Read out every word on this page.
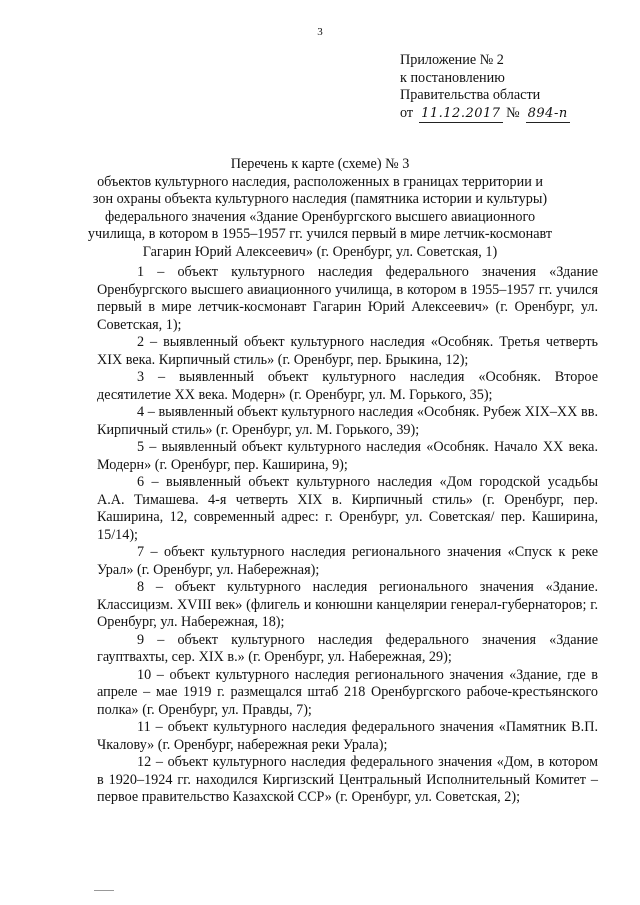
3
Приложение № 2
к постановлению
Правительства области
от 11.12.2017 № 894-п
Перечень к карте (схеме) № 3
объектов культурного наследия, расположенных в границах территории и
зон охраны объекта культурного наследия (памятника истории и культуры)
федерального значения «Здание Оренбургского высшего авиационного
училища, в котором в 1955–1957 гг. учился первый в мире летчик-космонавт
Гагарин Юрий Алексеевич» (г. Оренбург, ул. Советская, 1)

1 – объект культурного наследия федерального значения «Здание Оренбургского высшего авиационного училища, в котором в 1955–1957 гг. учился первый в мире летчик-космонавт Гагарин Юрий Алексеевич» (г. Оренбург, ул. Советская, 1);

2 – выявленный объект культурного наследия «Особняк. Третья четверть XIX века. Кирпичный стиль» (г. Оренбург, пер. Брыкина, 12);

3 – выявленный объект культурного наследия «Особняк. Второе десятилетие XX века. Модерн» (г. Оренбург, ул. М. Горького, 35);

4 – выявленный объект культурного наследия «Особняк. Рубеж XIX–XX вв. Кирпичный стиль» (г. Оренбург, ул. М. Горького, 39);

5 – выявленный объект культурного наследия «Особняк. Начало XX века. Модерн» (г. Оренбург, пер. Каширина, 9);

6 – выявленный объект культурного наследия «Дом городской усадьбы А.А. Тимашева. 4-я четверть XIX в. Кирпичный стиль» (г. Оренбург, пер. Каширина, 12, современный адрес: г. Оренбург, ул. Советская/ пер. Каширина, 15/14);

7 – объект культурного наследия регионального значения «Спуск к реке Урал» (г. Оренбург, ул. Набережная);

8 – объект культурного наследия регионального значения «Здание. Классицизм. XVIII век» (флигель и конюшни канцелярии генерал-губернаторов; г. Оренбург, ул. Набережная, 18);

9 – объект культурного наследия федерального значения «Здание гауптвахты, сер. XIX в.» (г. Оренбург, ул. Набережная, 29);

10 – объект культурного наследия регионального значения «Здание, где в апреле – мае 1919 г. размещался штаб 218 Оренбургского рабоче-крестьянского полка» (г. Оренбург, ул. Правды, 7);

11 – объект культурного наследия федерального значения «Памятник В.П. Чкалову» (г. Оренбург, набережная реки Урала);

12 – объект культурного наследия федерального значения «Дом, в котором в 1920–1924 гг. находился Киргизский Центральный Исполнительный Комитет – первое правительство Казахской ССР» (г. Оренбург, ул. Советская, 2);
